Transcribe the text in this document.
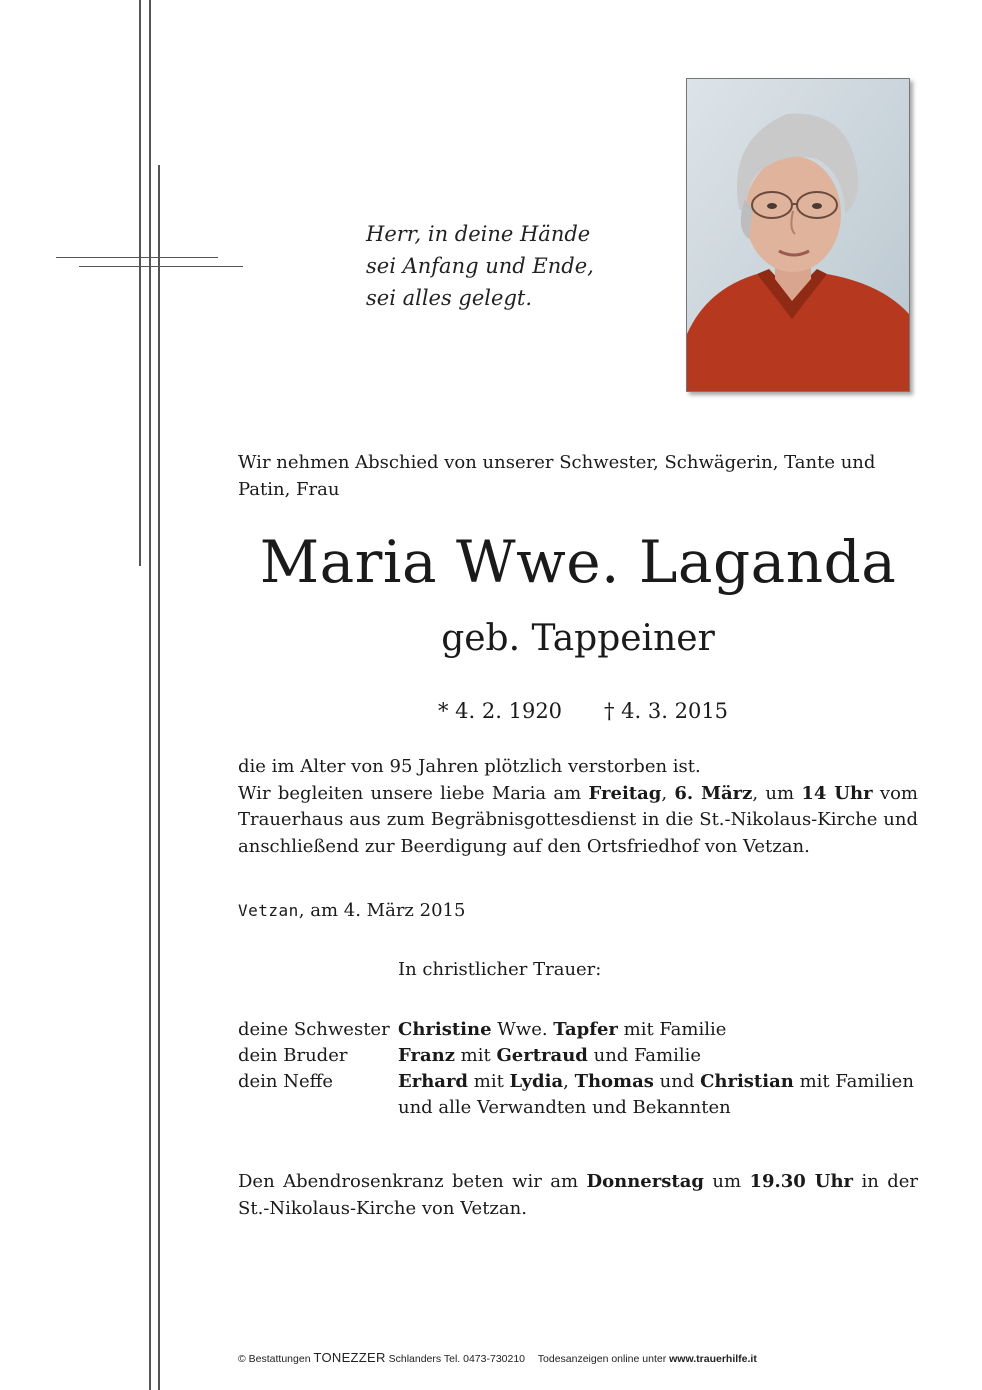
Herr, in deine Hände
sei Anfang und Ende,
sei alles gelegt.
Wir nehmen Abschied von unserer Schwester, Schwägerin, Tante und Patin, Frau
Maria Wwe. Laganda
geb. Tappeiner
* 4. 2. 1920 † 4. 3. 2015
die im Alter von 95 Jahren plötzlich verstorben ist.
Wir begleiten unsere liebe Maria am Freitag, 6. März, um 14 Uhr vom Trauerhaus aus zum Begräbnisgottesdienst in die St.-Nikolaus-Kirche und anschließend zur Beerdigung auf den Ortsfriedhof von Vetzan.
Vetzan, am 4. März 2015
In christlicher Trauer:
deine Schwester Christine Wwe. Tapfer mit Familie
dein Bruder	Franz mit Gertraud und Familie
dein Neffe	Erhard mit Lydia, Thomas und Christian mit Familien
und alle Verwandten und Bekannten
Den Abendrosenkranz beten wir am Donnerstag um 19.30 Uhr in der St.-Nikolaus-Kirche von Vetzan.
© Bestattungen TONEZZER Schlanders Tel. 0473-730210 Todesanzeigen online unter www.trauerhilfe.it
